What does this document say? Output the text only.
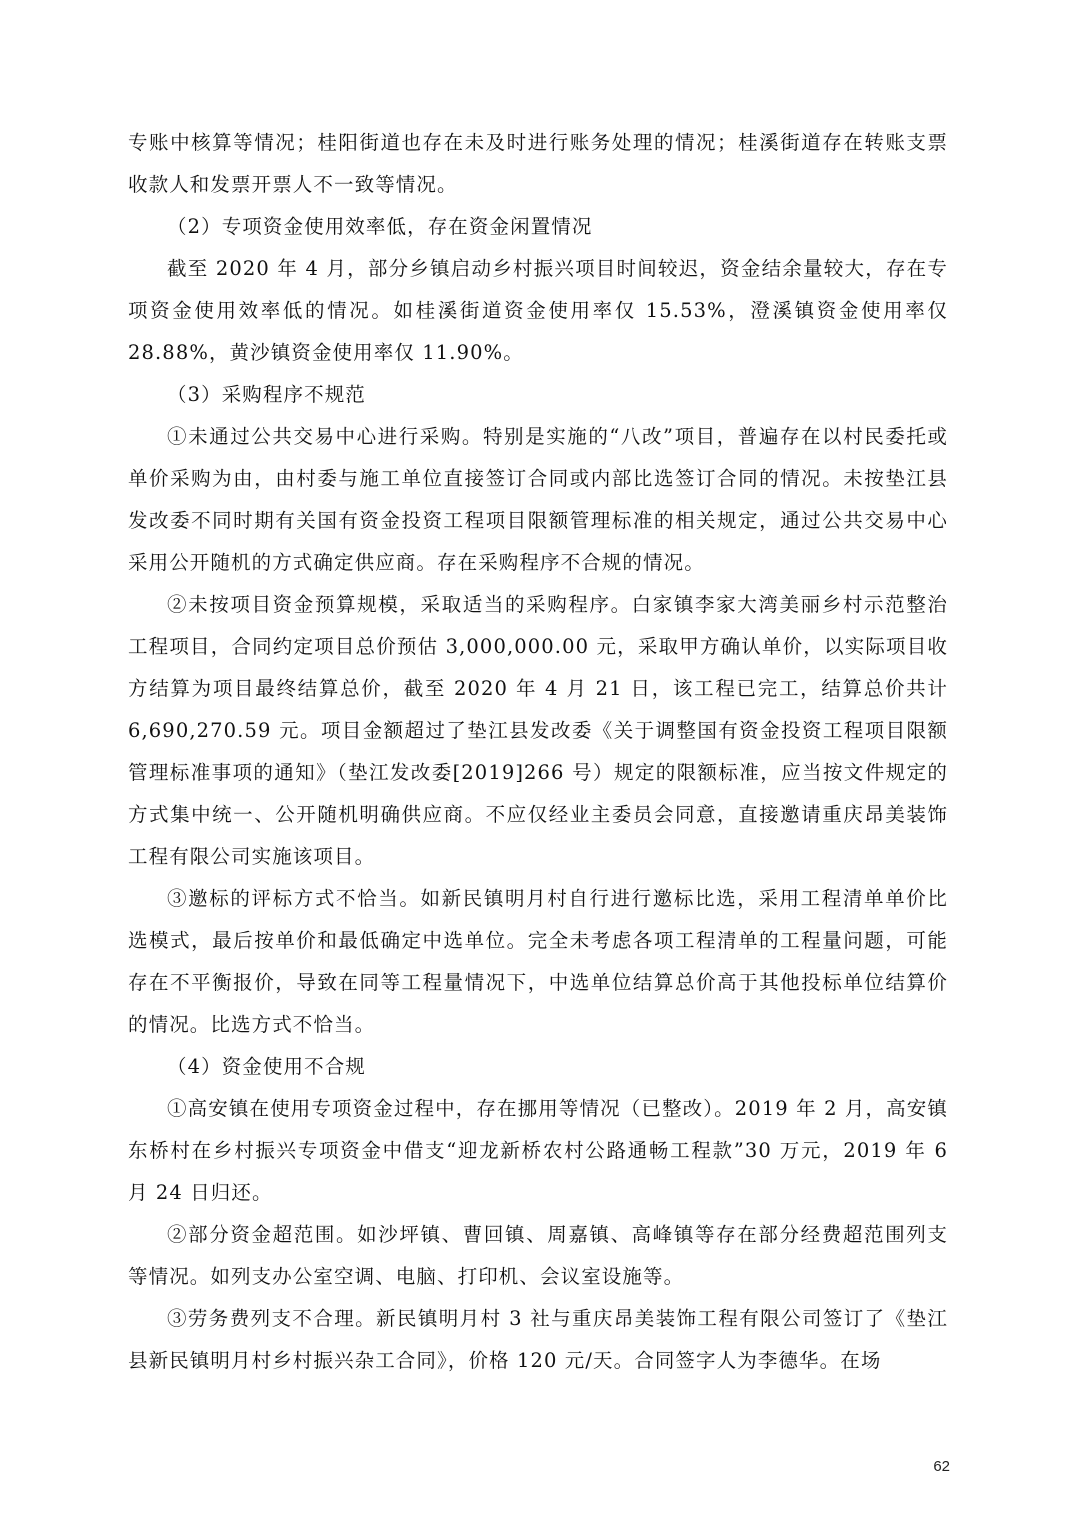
专账中核算等情况；桂阳街道也存在未及时进行账务处理的情况；桂溪街道存在转账支票收款人和发票开票人不一致等情况。

（2）专项资金使用效率低，存在资金闲置情况

截至 2020 年 4 月，部分乡镇启动乡村振兴项目时间较迟，资金结余量较大，存在专项资金使用效率低的情况。如桂溪街道资金使用率仅 15.53%，澄溪镇资金使用率仅 28.88%，黄沙镇资金使用率仅 11.90%。

（3）采购程序不规范

①未通过公共交易中心进行采购。特别是实施的“八改”项目，普遍存在以村民委托或单价采购为由，由村委与施工单位直接签订合同或内部比选签订合同的情况。未按垫江县发改委不同时期有关国有资金投资工程项目限额管理标准的相关规定，通过公共交易中心采用公开随机的方式确定供应商。存在采购程序不合规的情况。

②未按项目资金预算规模，采取适当的采购程序。白家镇李家大湾美丽乡村示范整治工程项目，合同约定项目总价预估 3,000,000.00 元，采取甲方确认单价，以实际项目收方结算为项目最终结算总价，截至 2020 年 4 月 21 日，该工程已完工，结算总价共计 6,690,270.59 元。项目金额超过了垫江县发改委《关于调整国有资金投资工程项目限额管理标准事项的通知》（垫江发改委[2019]266 号）规定的限额标准，应当按文件规定的方式集中统一、公开随机明确供应商。不应仅经业主委员会同意，直接邀请重庆昂美装饰工程有限公司实施该项目。

③邀标的评标方式不恰当。如新民镇明月村自行进行邀标比选，采用工程清单单价比选模式，最后按单价和最低确定中选单位。完全未考虑各项工程清单的工程量问题，可能存在不平衡报价，导致在同等工程量情况下，中选单位结算总价高于其他投标单位结算价的情况。比选方式不恰当。

（4）资金使用不合规

①高安镇在使用专项资金过程中，存在挪用等情况（已整改）。2019 年 2 月，高安镇东桥村在乡村振兴专项资金中借支“迎龙新桥农村公路通畅工程款”30 万元，2019 年 6 月 24 日归还。

②部分资金超范围。如沙坪镇、曹回镇、周嘉镇、高峰镇等存在部分经费超范围列支等情况。如列支办公室空调、电脑、打印机、会议室设施等。

③劳务费列支不合理。新民镇明月村 3 社与重庆昂美装饰工程有限公司签订了《垫江县新民镇明月村乡村振兴杂工合同》，价格 120 元/天。合同签字人为李德华。在场

62
